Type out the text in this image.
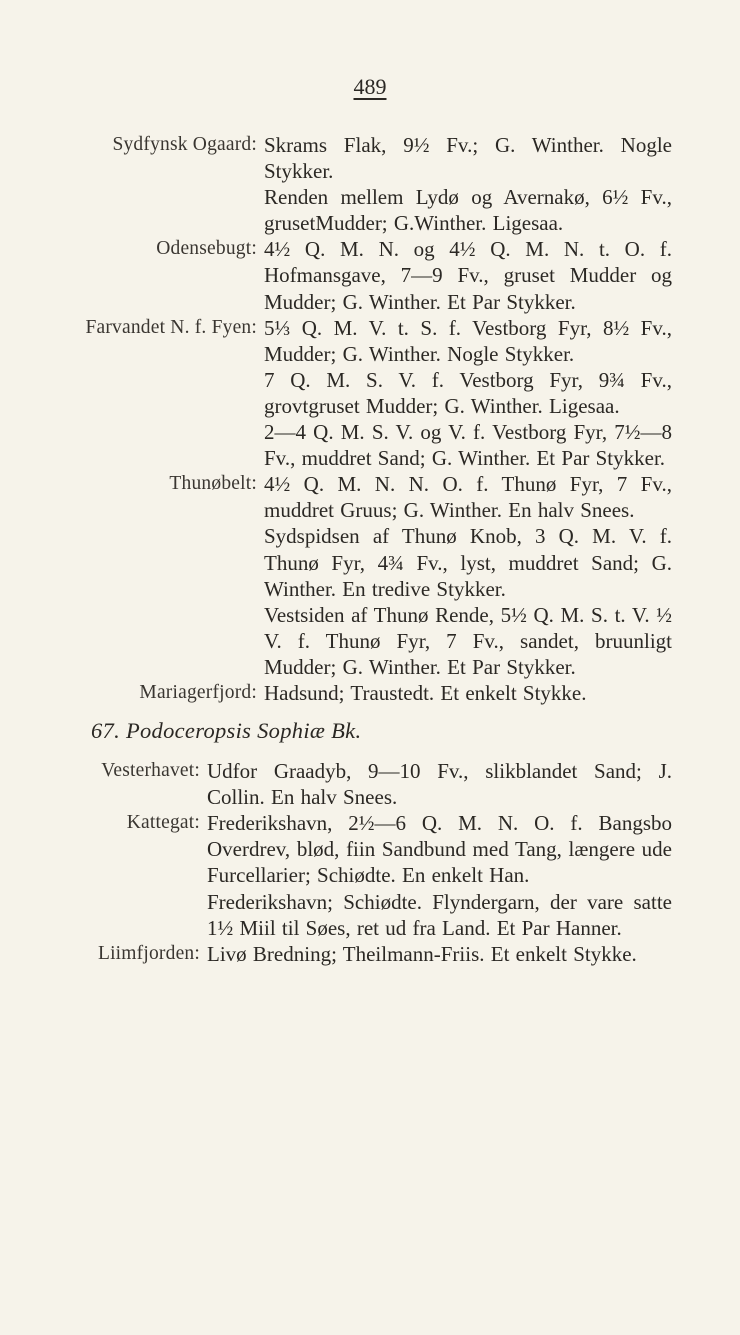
489
Sydfynsk Ogaard: Skrams Flak, 9½ Fv.; G. Winther. Nogle Stykker.

Renden mellem Lydø og Avernakø, 6½ Fv., grusetMudder; G.Winther. Ligesaa.

Odensebugt: 4½ Q. M. N. og 4½ Q. M. N. t. O. f. Hofmansgave, 7—9 Fv., gruset Mudder og Mudder; G. Winther. Et Par Stykker.

Farvandet N. f. Fyen: 5⅓ Q. M. V. t. S. f. Vestborg Fyr, 8½ Fv., Mudder; G. Winther. Nogle Stykker.

7 Q. M. S. V. f. Vestborg Fyr, 9¾ Fv., grovtgruset Mudder; G. Winther. Ligesaa.

2—4 Q. M. S. V. og V. f. Vestborg Fyr, 7½—8 Fv., muddret Sand; G. Winther. Et Par Stykker.

Thunøbelt: 4½ Q. M. N. N. O. f. Thunø Fyr, 7 Fv., muddret Gruus; G. Winther. En halv Snees.

Sydspidsen af Thunø Knob, 3 Q. M. V. f. Thunø Fyr, 4¾ Fv., lyst, muddret Sand; G. Winther. En tredive Stykker.

Vestsiden af Thunø Rende, 5½ Q. M. S. t. V. ½ V. f. Thunø Fyr, 7 Fv., sandet, bruunligt Mudder; G. Winther. Et Par Stykker.

Mariagerfjord: Hadsund; Traustedt. Et enkelt Stykke.

67. Podoceropsis Sophiæ Bk.
Vesterhavet: Udfor Graadyb, 9—10 Fv., slikblandet Sand; J. Collin. En halv Snees.

Kattegat: Frederikshavn, 2½—6 Q. M. N. O. f. Bangsbo Overdrev, blød, fiin Sandbund med Tang, længere ude Furcellarier; Schiødte. En enkelt Han.

Frederikshavn; Schiødte. Flyndergarn, der vare satte 1½ Miil til Søes, ret ud fra Land. Et Par Hanner.

Liimfjorden: Livø Bredning; Theilmann-Friis. Et enkelt Stykke.
